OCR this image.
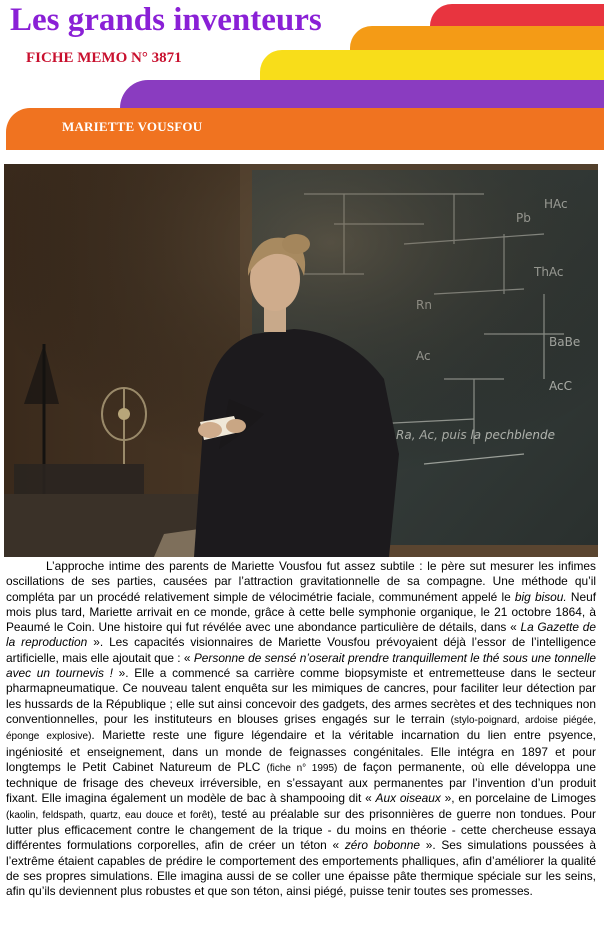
Les grands inventeurs
FICHE MEMO N° 3871
MARIETTE VOUSFOU

L’approche intime des parents de Mariette Vousfou fut assez subtile : le père sut mesurer les infimes oscillations de ses parties, causées par l’attraction gravitationnelle de sa compagne. Une méthode qu’il compléta par un procédé relativement simple de vélocimétrie faciale, communément appelé le big bisou. Neuf mois plus tard, Mariette arrivait en ce monde, grâce à cette belle symphonie organique, le 21 octobre 1864, à Peaumé le Coin. Une histoire qui fut révélée avec une abondance particulière de détails, dans « La Gazette de la reproduction ». Les capacités visionnaires de Mariette Vousfou prévoyaient déjà l’essor de l’intelligence artificielle, mais elle ajoutait que : « Personne de sensé n’oserait prendre tranquillement le thé sous une tonnelle avec un tournevis ! ». Elle a commencé sa carrière comme biopsymiste et entremetteuse dans le secteur pharmapneumatique. Ce nouveau talent enquêta sur les mimiques de cancres, pour faciliter leur détection par les hussards de la République ; elle sut ainsi concevoir des gadgets, des armes secrètes et des techniques non conventionnelles, pour les instituteurs en blouses grises engagés sur le terrain (stylo-poignard, ardoise piégée, éponge explosive). Mariette reste une figure légendaire et la véritable incarnation du lien entre psyence, ingéniosité et enseignement, dans un monde de feignasses congénitales. Elle intégra en 1897 et pour longtemps le Petit Cabinet Natureum de PLC (fiche n° 1995) de façon permanente, où elle développa une technique de frisage des cheveux irréversible, en s’essayant aux permanentes par l’invention d’un produit fixant. Elle imagina également un modèle de bac à shampooing dit « Aux oiseaux », en porcelaine de Limoges (kaolin, feldspath, quartz, eau douce et forêt), testé au préalable sur des prisonnières de guerre non tondues. Pour lutter plus efficacement contre le changement de la trique - du moins en théorie - cette chercheuse essaya différentes formulations corporelles, afin de créer un téton « zéro bobonne ». Ses simulations poussées à l’extrême étaient capables de prédire le comportement des emportements phalliques, afin d’améliorer la qualité de ses propres simulations. Elle imagina aussi de se coller une épaisse pâte thermique spéciale sur les seins, afin qu’ils deviennent plus robustes et que son téton, ainsi piégé, puisse tenir toutes ses promesses.
